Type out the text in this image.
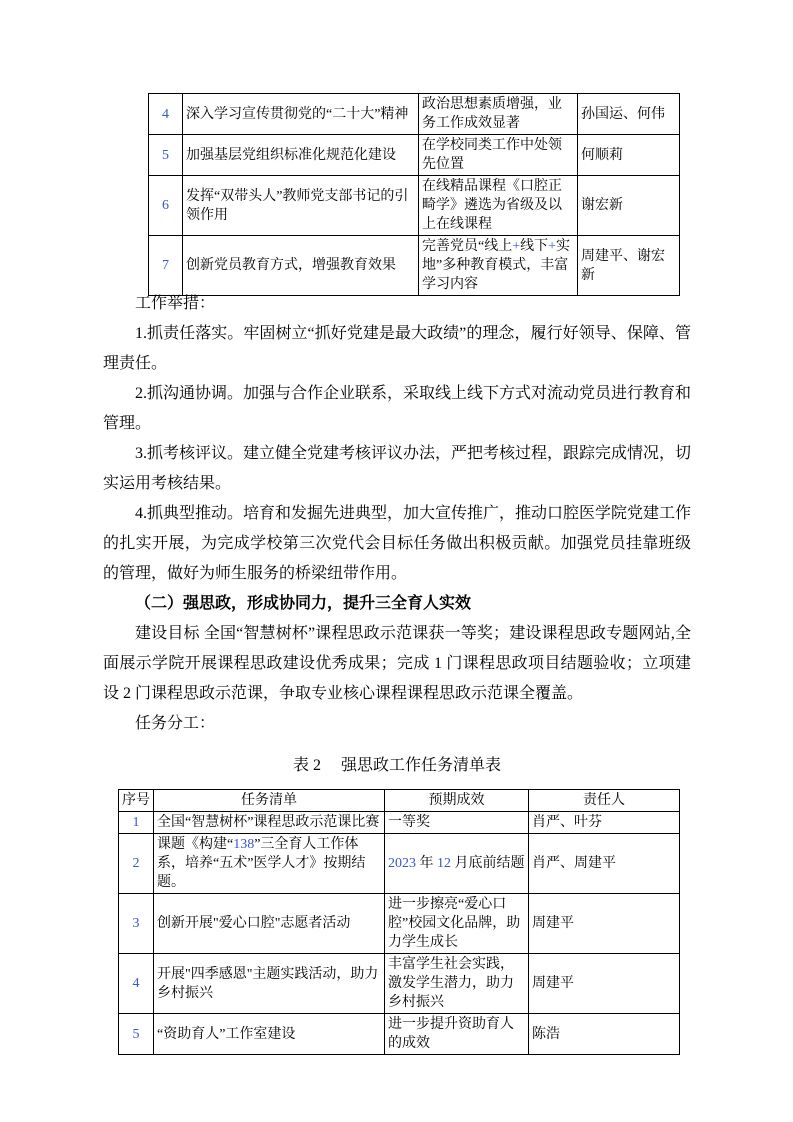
4	深入学习宣传贯彻党的“二十大”精神	政治思想素质增强，业务工作成效显著	孙国运、何伟
5	加强基层党组织标准化规范化建设	在学校同类工作中处领先位置	何顺莉
6	发挥“双带头人”教师党支部书记的引领作用	在线精品课程《口腔正畸学》遴选为省级及以上在线课程	谢宏新
7	创新党员教育方式，增强教育效果	完善党员“线上+线下+实地”多种教育模式，丰富学习内容	周建平、谢宏新

工作举措：

1.抓责任落实。牢固树立“抓好党建是最大政绩”的理念，履行好领导、保障、管理责任。

2.抓沟通协调。加强与合作企业联系，采取线上线下方式对流动党员进行教育和管理。

3.抓考核评议。建立健全党建考核评议办法，严把考核过程，跟踪完成情况，切实运用考核结果。

4.抓典型推动。培育和发掘先进典型，加大宣传推广，推动口腔医学院党建工作的扎实开展，为完成学校第三次党代会目标任务做出积极贡献。加强党员挂靠班级的管理，做好为师生服务的桥梁纽带作用。

（二）强思政，形成协同力，提升三全育人实效

建设目标 全国“智慧树杯”课程思政示范课获一等奖；建设课程思政专题网站,全面展示学院开展课程思政建设优秀成果；完成 1 门课程思政项目结题验收；立项建设 2 门课程思政示范课，争取专业核心课程课程思政示范课全覆盖。

任务分工：

表 2　 强思政工作任务清单表
序号	任务清单	预期成效	责任人
1	全国“智慧树杯”课程思政示范课比赛	一等奖	肖严、叶芬
2	课题《构建“138”三全育人工作体系，培养“五术”医学人才》按期结题。	2023 年 12 月底前结题	肖严、周建平
3	创新开展"爱心口腔"志愿者活动	进一步擦亮“爱心口腔”校园文化品牌，助力学生成长	周建平
4	开展"四季感恩"主题实践活动，助力乡村振兴	丰富学生社会实践，激发学生潜力，助力乡村振兴	周建平
5	“资助育人”工作室建设	进一步提升资助育人的成效	陈浩
